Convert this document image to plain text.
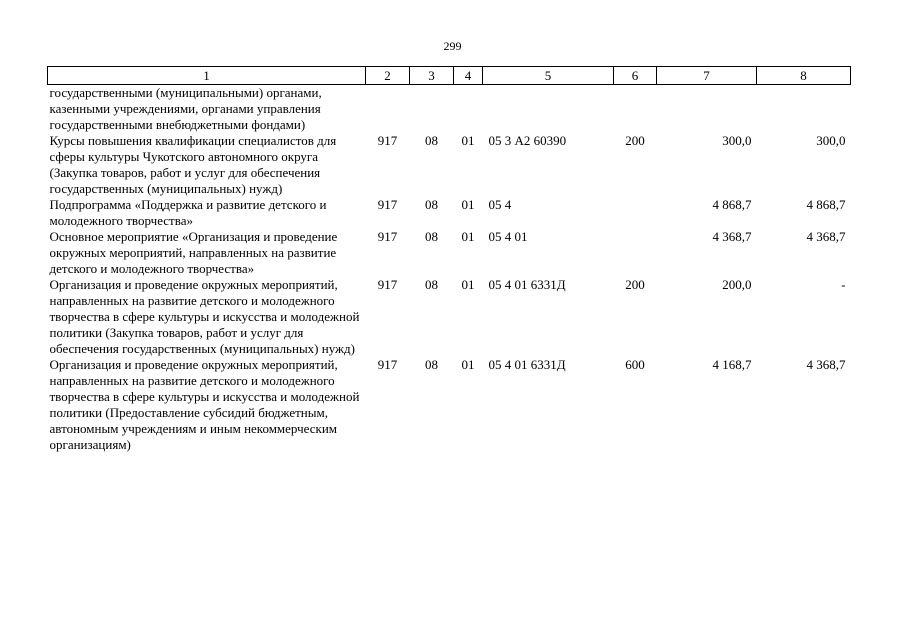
299
1	2	3	4	5	6	7	8
государственными (муниципальными) органами, казенными учреждениями, органами управления государственными внебюджетными фондами)							
Курсы повышения квалификации специалистов для сферы культуры Чукотского автономного округа (Закупка товаров, работ и услуг для обеспечения государственных (муниципальных) нужд)	917	08	01	05 3 А2 60390	200	300,0	300,0
Подпрограмма «Поддержка и развитие детского и молодежного творчества»	917	08	01	05 4		4 868,7	4 868,7
Основное мероприятие «Организация и проведение окружных мероприятий, направленных на развитие детского и молодежного творчества»	917	08	01	05 4 01		4 368,7	4 368,7
Организация и проведение окружных мероприятий, направленных на развитие детского и молодежного творчества в сфере культуры и искусства и молодежной политики (Закупка товаров, работ и услуг для обеспечения государственных (муниципальных) нужд)	917	08	01	05 4 01 6331Д	200	200,0	-
Организация и проведение окружных мероприятий, направленных на развитие детского и молодежного творчества в сфере культуры и искусства и молодежной политики (Предоставление субсидий бюджетным, автономным учреждениям и иным некоммерческим организациям)	917	08	01	05 4 01 6331Д	600	4 168,7	4 368,7
